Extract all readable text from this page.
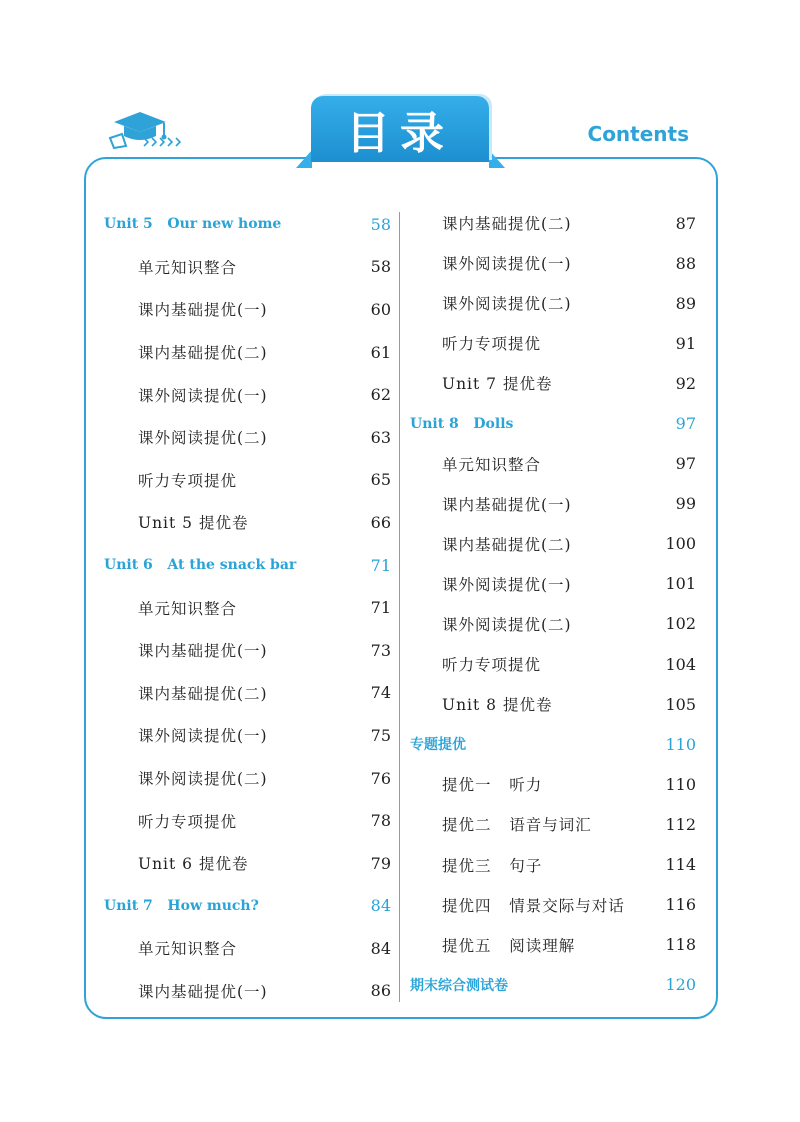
目录	Contents
Unit 5   Our new home	58
单元知识整合	58
课内基础提优(一)	60
课内基础提优(二)	61
课外阅读提优(一)	62
课外阅读提优(二)	63
听力专项提优	65
Unit 5 提优卷	66
Unit 6   At the snack bar	71
单元知识整合	71
课内基础提优(一)	73
课内基础提优(二)	74
课外阅读提优(一)	75
课外阅读提优(二)	76
听力专项提优	78
Unit 6 提优卷	79
Unit 7   How much?	84
单元知识整合	84
课内基础提优(一)	86
课内基础提优(二)	87
课外阅读提优(一)	88
课外阅读提优(二)	89
听力专项提优	91
Unit 7 提优卷	92
Unit 8   Dolls	97
单元知识整合	97
课内基础提优(一)	99
课内基础提优(二)	100
课外阅读提优(一)	101
课外阅读提优(二)	102
听力专项提优	104
Unit 8 提优卷	105
专题提优	110
提优一   听力	110
提优二   语音与词汇	112
提优三   句子	114
提优四   情景交际与对话	116
提优五   阅读理解	118
期末综合测试卷	120
